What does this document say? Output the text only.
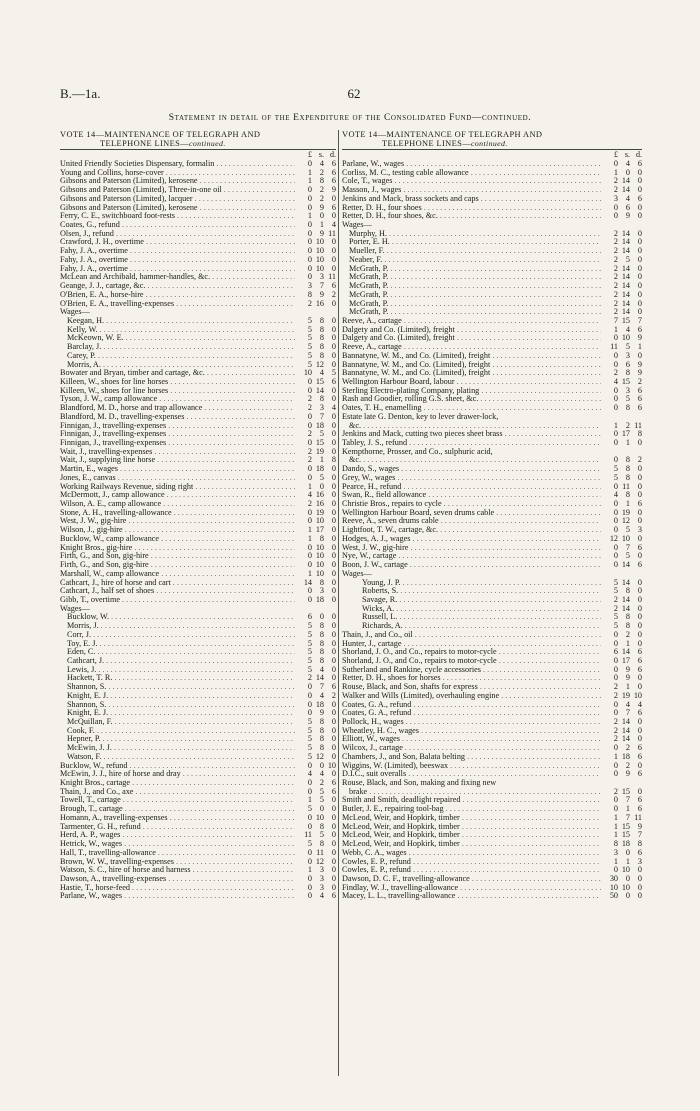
B.—1a.	62
Statement in detail of the Expenditure of the Consolidated Fund—continued.
VOTE 14—MAINTENANCE OF TELEGRAPH AND
TELEPHONE LINES—continued.
£ s. d.
United Friendly Societies Dispensary, formalin . . .	0 4 6
Young and Collins, horse-cover . . .	1 2 6
Gibsons and Paterson (Limited), kerosene . . .	1 8 6
Gibsons and Paterson (Limited), Three-in-one oil . . .	0 2 9
Gibsons and Paterson (Limited), lacquer . . .	0 2 0
Gibsons and Paterson (Limited), kerosene . . .	0 9 6
Ferry, C. E., switchboard foot-rests . . .	1 0 0
Coates, G., refund . . .	0 1 4
Olsen, J., refund . . .	0 9 11
Crawford, J. H., overtime . . .	0 10 0
Fahy, J. A., overtime . . .	0 10 0
Fahy, J. A., overtime . . .	0 10 0
Fahy, J. A., overtime . . .	0 10 0
McLean and Archibald, hammer-handles, &c. . . .	0 3 11
Geange, J. J., cartage, &c. . . .	3 7 6
O'Brien, E. A., horse-hire . . .	8 9 2
O'Brien, E. A., travelling-expenses . . .	2 16 0
Wages—
Keegan, H. . . .	5 8 0
Kelly, W. . . .	5 8 0
McKeown, W. E. . . .	5 8 0
Barclay, J. . . .	5 8 0
Carey, P. . . .	5 8 0
Morris, A. . . .	5 12 0
Bowater and Bryan, timber and cartage, &c. . . .	10 4 5
Killeen, W., shoes for line horses . . .	0 15 6
Killeen, W., shoes for line horses . . .	0 14 0
Tyson, J. W., camp allowance . . .	2 8 0
Blandford, M. D., horse and trap allowance . . .	2 3 4
Blandford, M. D., travelling-expenses . . .	0 7 0
Finnigan, J., travelling-expenses . . .	0 18 0
Finnigan, J., travelling-expenses . . .	2 5 0
Finnigan, J., travelling-expenses . . .	0 15 0
Wait, J., travelling-expenses . . .	2 19 0
Wait, J., supplying line horse . . .	2 1 8
Martin, E., wages . . .	0 18 0
Jones, E., canvas . . .	0 5 0
Working Railways Revenue, siding right . . .	1 0 0
McDermott, J., camp allowance . . .	4 16 0
Wilson, A. E., camp allowance . . .	2 16 0
Stone, A. H., travelling-allowance . . .	0 19 0
West, J. W., gig-hire . . .	0 10 0
Wilson, J., gig-hire . . .	1 17 0
Bucklow, W., camp allowance . . .	1 8 0
Knight Bros., gig-hire . . .	0 10 0
Firth, G., and Son, gig-hire . . .	0 10 0
Firth, G., and Son, gig-hire . . .	0 10 0
Marshall, W., camp allowance . . .	1 10 0
Cathcart, J., hire of horse and cart . . .	14 8 0
Cathcart, J., half set of shoes . . .	0 3 0
Gibb, T., overtime . . .	0 18 0
Wages—
Bucklow, W. . . .	6 0 0
Morris, J. . . .	5 8 0
Corr, J. . . .	5 8 0
Toy, E. J. . . .	5 8 0
Eden, C. . . .	5 8 0
Cathcart, J. . . .	5 8 0
Lewis, J. . . .	5 4 0
Hackett, T. R. . . .	2 14 0
Shannon, S. . . .	0 7 6
Knight, E. J. . . .	0 4 2
Shannon, S. . . .	0 18 0
Knight, E. J. . . .	0 9 0
McQuillan, F. . . .	5 8 0
Cook, F. . . .	5 8 0
Hepner, P. . . .	5 8 0
McEwin, J. J. . . .	5 8 0
Watson, F. . . .	5 12 0
Bucklow, W., refund . . .	0 0 10
McEwin, J. J., hire of horse and dray . . .	4 4 0
Knight Bros., cartage . . .	0 2 6
Thain, J., and Co., axe . . .	0 5 6
Towell, T., cartage . . .	1 5 0
Brough, T., cartage . . .	5 0 0
Homann, A., travelling-expenses . . .	0 10 0
Tarmenter, G. H., refund . . .	0 8 0
Herd, A. P., wages . . .	11 5 0
Hetrick, W., wages . . .	5 8 0
Hall, T., travelling-allowance . . .	0 11 0
Brown, W. W., travelling-expenses . . .	0 12 0
Watson, S. C., hire of horse and harness . . .	1 3 0
Dawson, A., travelling-expenses . . .	0 3 0
Hastie, T., horse-feed . . .	0 3 0
Parlane, W., wages . . .	0 4 6
VOTE 14—MAINTENANCE OF TELEGRAPH AND
TELEPHONE LINES—continued.
£ s. d.
Parlane, W., wages . . .	0 4 6
Corliss, M. C., testing cable allowance . . .	1 0 0
Cole, T., wages . . .	2 14 0
Masson, J., wages . . .	2 14 0
Jenkins and Mack, brass sockets and caps . . .	3 4 6
Retter, D. H., four shoes . . .	0 6 0
Retter, D. H., four shoes, &c. . . .	0 9 0
Wages—
Murphy, H. . . .	2 14 0
Porter, E. H. . . .	2 14 0
Mueller, F. . . .	2 14 0
Neaber, F. . . .	2 5 0
McGrath, P. . . .	2 14 0
McGrath, P. . . .	2 14 0
McGrath, P. . . .	2 14 0
McGrath, P. . . .	2 14 0
McGrath, P. . . .	2 14 0
McGrath, P. . . .	2 14 0
Reeve, A., cartage . . .	7 15 7
Dalgety and Co. (Limited), freight . . .	1 4 6
Dalgety and Co. (Limited), freight . . .	0 10 9
Reeve, A., cartage . . .	11 5 1
Bannatyne, W. M., and Co. (Limited), freight . . .	0 3 0
Bannatyne, W. M., and Co. (Limited), freight . . .	0 6 9
Bannatyne, W. M., and Co. (Limited), freight . . .	2 8 9
Wellington Harbour Board, labour . . .	4 15 2
Sterling Electro-plating Company, plating . . .	0 3 6
Rash and Goodier, rolling G.S. sheet, &c. . . .	0 5 6
Oates, T. H., enamelling . . .	0 8 6
Estate late G. Denton, key to lever drawer-lock,
&c. . . .	1 2 11
Jenkins and Mack, cutting two pieces sheet brass . . .	0 17 8
Tabley, J. S., refund . . .	0 1 0
Kempthorne, Prosser, and Co., sulphuric acid,
&c. . . .	0 8 2
Dando, S., wages . . .	5 8 0
Grey, W., wages . . .	5 8 0
Pearce, H., refund . . .	0 11 0
Swan, R., field allowance . . .	4 8 0
Christie Bros., repairs to cycle . . .	0 1 6
Wellington Harbour Board, seven drums cable . . .	0 19 0
Reeve, A., seven drums cable . . .	0 12 0
Lightfoot, T. W., cartage, &c. . . .	0 5 3
Hodges, A. J., wages . . .	12 10 0
West, J. W., gig-hire . . .	0 7 6
Nye, W., cartage . . .	0 5 0
Boon, J. W., cartage . . .	0 14 6
Wages—
Young, J. P. . . .	5 14 0
Roberts, S. . . .	5 8 0
Savage, R. . . .	2 14 0
Wicks, A. . . .	2 14 0
Russell, L. . . .	5 8 0
Richards, A. . . .	5 8 0
Thain, J., and Co., oil . . .	0 2 0
Hunter, J., cartage . . .	0 1 0
Shorland, J. O., and Co., repairs to motor-cycle . . .	6 14 6
Shorland, J. O., and Co., repairs to motor-cycle . . .	0 17 6
Sutherland and Rankine, cycle accessories . . .	0 9 6
Retter, D. H., shoes for horses . . .	0 9 0
Rouse, Black, and Son, shafts for express . . .	2 1 0
Walker and Wills (Limited), overhauling engine . . .	2 19 10
Coates, G. A., refund . . .	0 4 4
Coates, G. A., refund . . .	0 7 6
Pollock, H., wages . . .	2 14 0
Wheatley, H. C., wages . . .	2 14 0
Elliott, W., wages . . .	2 14 0
Wilcox, J., cartage . . .	0 2 6
Chambers, J., and Son, Balata belting . . .	1 18 6
Wiggins, W. (Limited), beeswax . . .	0 2 0
D.I.C., suit overalls . . .	0 9 6
Rouse, Black, and Son, making and fixing new
brake . . .	2 15 0
Smith and Smith, deadlight repaired . . .	0 7 6
Butler, J. E., repairing tool-bag . . .	0 1 6
McLeod, Weir, and Hopkirk, timber . . .	1 7 11
McLeod, Weir, and Hopkirk, timber . . .	1 15 9
McLeod, Weir, and Hopkirk, timber . . .	1 15 7
McLeod, Weir, and Hopkirk, timber . . .	8 18 8
Webb, C. A., wages . . .	3 0 6
Cowles, E. P., refund . . .	1 1 3
Cowles, E. P., refund . . .	0 10 0
Dawson, D. C. F., travelling-allowance . . .	30 0 0
Findlay, W. J., travelling-allowance . . .	10 10 0
Macey, L. L., travelling-allowance . . .	50 0 0
